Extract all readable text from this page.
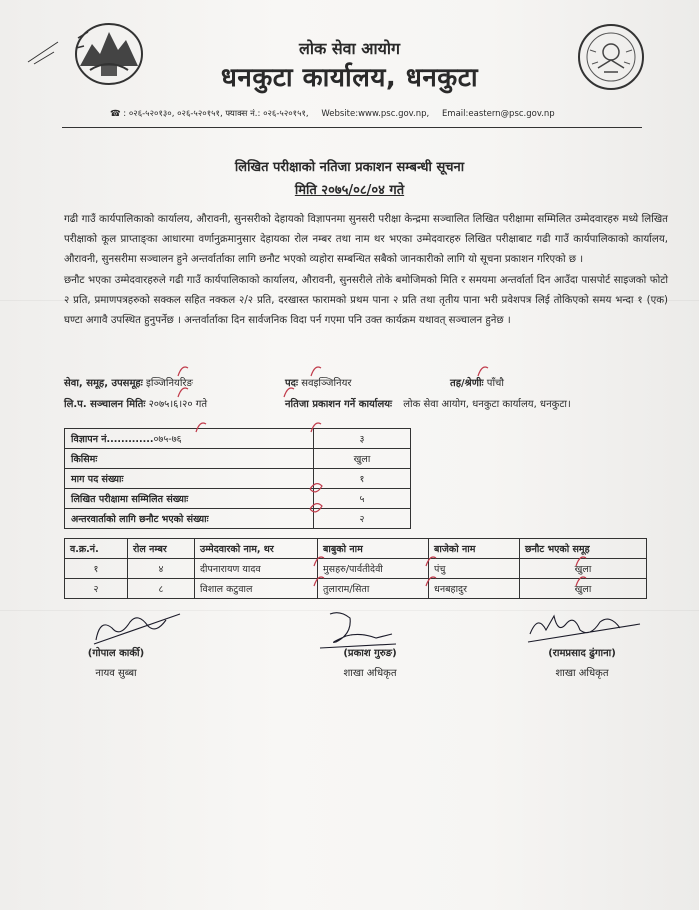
लोक सेवा आयोग
धनकुटा कार्यालय, धनकुटा
☎ : ०२६-५२०१३०, ०२६-५२०१५१, फ्याक्स नं.: ०२६-५२०१५१, Website:www.psc.gov.np, Email:eastern@psc.gov.np
लिखित परीक्षाको नतिजा प्रकाशन सम्बन्धी सूचना
मिति २०७५/०८/०४ गते

गढी गाउँ कार्यपालिकाको कार्यालय, औरावनी, सुनसरीको देहायको विज्ञापनमा सुनसरी परीक्षा केन्द्रमा सञ्चालित लिखित परीक्षामा सम्मिलित उम्मेदवारहरु मध्ये लिखित परीक्षाको कूल प्राप्ताङ्‌का आधारमा वर्णानुक्रमानुसार देहायका रोल नम्बर तथा नाम थर भएका उम्मेदवारहरु लिखित परीक्षाबाट गढी गाउँ कार्यपालिकाको कार्यालय, औरावनी, सुनसरीमा सञ्चालन हुने अन्तर्वार्ताका लागि छनौट भएको व्यहोरा सम्बन्धित सबैको जानकारीको लागि यो सूचना प्रकाशन गरिएको छ ।

छनौट भएका उम्मेदवारहरुले गढी गाउँ कार्यपालिकाको कार्यालय, औरावनी, सुनसरीले तोके बमोजिमको मिति र समयमा अन्तर्वार्ता दिन आउँदा पासपोर्ट साइजको फोटो २ प्रति, प्रमाणपत्रहरुको सक्कल सहित नक्कल २/२ प्रति, दरखास्त फारामको प्रथम पाना २ प्रति तथा तृतीय पाना भरी प्रवेशपत्र लिई तोकिएको समय भन्दा १ (एक) घण्टा अगावै उपस्थित हुनुपर्नेछ । अन्तर्वार्ताका दिन सार्वजनिक विदा पर्न गएमा पनि उक्त कार्यक्रम यथावत् सञ्चालन हुनेछ ।

सेवा, समूह, उपसमूहः इञ्जिनियरिङ	पदः सवइञ्जिनियर	तह/श्रेणीः पाँचौ
लि.प. सञ्चालन मितिः २०७५।६।२० गते	नतिजा प्रकाशन गर्ने कार्यालयः लोक सेवा आयोग, धनकुटा कार्यालय, धनकुटा।
विज्ञापन नं.............०७५-७६	३
किसिमः	खुला
माग पद संख्याः	१
लिखित परीक्षामा सम्मिलित संख्याः	५
अन्तरवार्ताको लागि छनौट भएको संख्याः	२
व.क्र.नं.	रोल नम्बर	उम्मेदवारको नाम, थर	बाबुको नाम	बाजेको नाम	छनौट भएको समूह
१	४	दीपनारायण यादव	मुसहरु/पार्वतीदेवी	पंचु	खुला
२	८	विशाल कटुवाल	तुलाराम/सिता	धनबहादुर	खुला
(गोपाल कार्की)
नायव सुब्बा
(प्रकाश गुरुङ)
शाखा अधिकृत
(रामप्रसाद ढुंगाना)
शाखा अधिकृत
